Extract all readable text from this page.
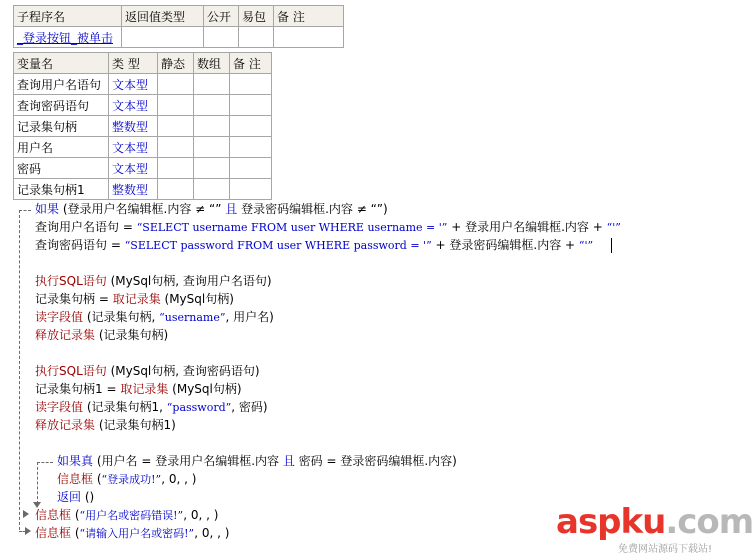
子程序名	返回值类型	公开	易包	备 注
_登录按钮_被单击				
变量名	类 型	静态	数组	备 注
查询用户名语句	文本型			
查询密码语句	文本型			
记录集句柄	整数型			
用户名	文本型			
密码	文本型			
记录集句柄1	整数型			
如果 (登录用户名编辑框.内容 ≠ “” 且 登录密码编辑框.内容 ≠ “”)
查询用户名语句 = “SELECT username FROM user WHERE username = '” + 登录用户名编辑框.内容 + “'”
查询密码语句 = “SELECT password FROM user WHERE password = '” + 登录密码编辑框.内容 + “'”
执行SQL语句 (MySql句柄, 查询用户名语句)
记录集句柄 = 取记录集 (MySql句柄)
读字段值 (记录集句柄, “username”, 用户名)
释放记录集 (记录集句柄)
执行SQL语句 (MySql句柄, 查询密码语句)
记录集句柄1 = 取记录集 (MySql句柄)
读字段值 (记录集句柄1, “password”, 密码)
释放记录集 (记录集句柄1)
如果真 (用户名 = 登录用户名编辑框.内容 且 密码 = 登录密码编辑框.内容)
信息框 (“登录成功!”, 0, , )
返回 ()
信息框 (“用户名或密码错误!”, 0, , )
信息框 (“请输入用户名或密码!”, 0, , )	aspku.com
免费网站源码下载站!
